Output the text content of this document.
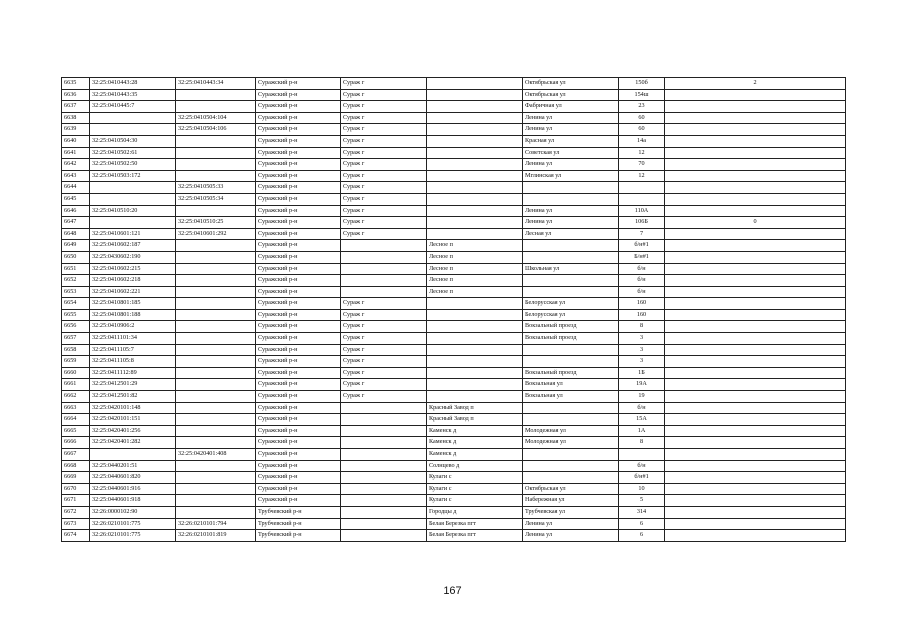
6635	32:25:0410443:28	32:25:0410443:34	Суражский р-н	Сураж г		Октябрьская ул	150б	2
6636	32:25:0410443:35		Суражский р-н	Сураж г		Октябрьская ул	154ш	
6637	32:25:0410445:7		Суражский р-н	Сураж г		Фабричная ул	23	
6638		32:25:0410504:104	Суражский р-н	Сураж г		Ленина ул	60	
6639		32:25:0410504:106	Суражский р-н	Сураж г		Ленина ул	60	
6640	32:25:0410504:30		Суражский р-н	Сураж г		Красная ул	14а	
6641	32:25:0410502:61		Суражский р-н	Сураж г		Советская ул	12	
6642	32:25:0410502:50		Суражский р-н	Сураж г		Ленина ул	70	
6643	32:25:0410503:172		Суражский р-н	Сураж г		Мглинская ул	12	
6644		32:25:0410505:33	Суражский р-н	Сураж г				
6645		32:25:0410505:34	Суражский р-н	Сураж г				
6646	32:25:0410510:20		Суражский р-н	Сураж г		Ленина ул	110А	
6647		32:25:0410510:25	Суражский р-н	Сураж г		Ленина ул	106Б	0
6648	32:25:0410601:121	32:25:0410601:292	Суражский р-н	Сураж г		Лесная ул	7	
6649	32:25:0410602:187		Суражский р-н		Лесное п		б/н#1	
6650	32:25:0430602:190		Суражский р-н		Лесное п		Б/н#1	
6651	32:25:0410602:215		Суражский р-н		Лесное п	Школьная ул	б/н	
6652	32:25:0410602:218		Суражский р-н		Лесное п		б/н	
6653	32:25:0410602:221		Суражский р-н		Лесное п		б/н	
6654	32:25:0410801:185		Суражский р-н	Сураж г		Белорусская ул	160	
6655	32:25:0410801:188		Суражский р-н	Сураж г		Белорусская ул	160	
6656	32:25:0410906:2		Суражский р-н	Сураж г		Вокзальный проезд	8	
6657	32:25:0411101:34		Суражский р-н	Сураж г		Вокзальный проезд	3	
6658	32:25:0411105:7		Суражский р-н	Сураж г			3	
6659	32:25:0411105:8		Суражский р-н	Сураж г			3	
6660	32:25:0411112:89		Суражский р-н	Сураж г		Вокзальный проезд	1Б	
6661	32:25:0412501:29		Суражский р-н	Сураж г		Вокзальная ул	19А	
6662	32:25:0412501:82		Суражский р-н	Сураж г		Вокзальная ул	19	
6663	32:25:0420101:148		Суражский р-н		Красный Завод п		б/н	
6664	32:25:0420101:151		Суражский р-н		Красный Завод п		15А	
6665	32:25:0420401:256		Суражский р-н		Каменск д	Молодежная ул	1А	
6666	32:25:0420401:282		Суражский р-н		Каменск д	Молодежная ул	8	
6667		32:25:0420401:408	Суражский р-н		Каменск д			
6668	32:25:0440201:51		Суражский р-н		Солнцево д		б/н	
6669	32:25:0440601:820		Суражский р-н		Кулаги с		б/н#1	
6670	32:25:0440601:916		Суражский р-н		Кулаги с	Октябрьская ул	10	
6671	32:25:0440601:918		Суражский р-н		Кулаги с	Набережная ул	5	
6672	32:26:0000102:90		Трубчевский р-н		Городцы д	Трубчевская ул	314	
6673	32:26:0210101:775	32:26:0210101:794	Трубчевский р-н		Белая Березка пгт	Ленина ул	6	
6674	32:26:0210101:775	32:26:0210101:819	Трубчевский р-н		Белая Березка пгт	Ленина ул	6	
167
